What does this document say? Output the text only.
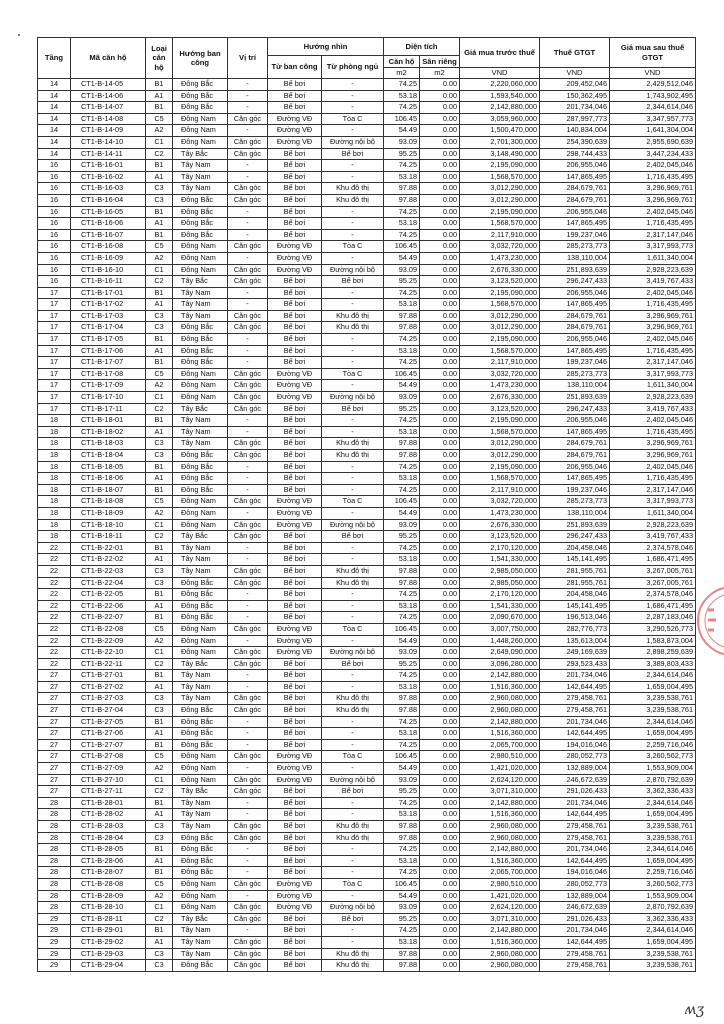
Tầng	Mã căn hộ	Loại căn hộ	Hướng ban công	Vị trí	Hướng nhìn		Diện tích		Giá mua trước thuế	Thuế GTGT	Giá mua sau thuế GTGT
					Từ ban công	Từ phòng ngủ	Căn hộ	Sân riêng			
							m2	m2	VND	VND	VND
14	CT1-B-14-05	B1	Đông Bắc	-	Bể bơi	-	74.25	0.00	2,220,060,000	209,452,046	2,429,512,046
14	CT1-B-14-06	A1	Đông Bắc	-	Bể bơi	-	53.18	0.00	1,593,540,000	150,362,495	1,743,902,495
14	CT1-B-14-07	B1	Đông Bắc	-	Bể bơi	-	74.25	0.00	2,142,880,000	201,734,046	2,344,614,046
14	CT1-B-14-08	C5	Đông Nam	Căn góc	Đường VĐ	Tòa C	106.45	0.00	3,059,960,000	287,997,773	3,347,957,773
14	CT1-B-14-09	A2	Đông Nam	-	Đường VĐ	-	54.49	0.00	1,500,470,000	140,834,004	1,641,304,004
14	CT1-B-14-10	C1	Đông Nam	Căn góc	Đường VĐ	Đường nội bộ	93.09	0.00	2,701,300,000	254,390,639	2,955,690,639
14	CT1-B-14-11	C2	Tây Bắc	Căn góc	Bể bơi	Bể bơi	95.25	0.00	3,148,490,000	298,744,433	3,447,234,433
16	CT1-B-16-01	B1	Tây Nam	-	Bể bơi	-	74.25	0.00	2,195,090,000	206,955,046	2,402,045,046
16	CT1-B-16-02	A1	Tây Nam	-	Bể bơi	-	53.18	0.00	1,568,570,000	147,865,495	1,716,435,495
16	CT1-B-16-03	C3	Tây Nam	Căn góc	Bể bơi	Khu đô thị	97.88	0.00	3,012,290,000	284,679,761	3,296,969,761
16	CT1-B-16-04	C3	Đông Bắc	Căn góc	Bể bơi	Khu đô thị	97.88	0.00	3,012,290,000	284,679,761	3,296,969,761
16	CT1-B-16-05	B1	Đông Bắc	-	Bể bơi	-	74.25	0.00	2,195,090,000	206,955,046	2,402,045,046
16	CT1-B-16-06	A1	Đông Bắc	-	Bể bơi	-	53.18	0.00	1,568,570,000	147,865,495	1,716,435,495
16	CT1-B-16-07	B1	Đông Bắc	-	Bể bơi	-	74.25	0.00	2,117,910,000	199,237,046	2,317,147,046
16	CT1-B-16-08	C5	Đông Nam	Căn góc	Đường VĐ	Tòa C	106.45	0.00	3,032,720,000	285,273,773	3,317,993,773
16	CT1-B-16-09	A2	Đông Nam	-	Đường VĐ	-	54.49	0.00	1,473,230,000	138,110,004	1,611,340,004
16	CT1-B-16-10	C1	Đông Nam	Căn góc	Đường VĐ	Đường nội bộ	93.09	0.00	2,676,330,000	251,893,639	2,928,223,639
16	CT1-B-16-11	C2	Tây Bắc	Căn góc	Bể bơi	Bể bơi	95.25	0.00	3,123,520,000	296,247,433	3,419,767,433
17	CT1-B-17-01	B1	Tây Nam	-	Bể bơi	-	74.25	0.00	2,195,090,000	206,955,046	2,402,045,046
17	CT1-B-17-02	A1	Tây Nam	-	Bể bơi	-	53.18	0.00	1,568,570,000	147,865,495	1,716,435,495
17	CT1-B-17-03	C3	Tây Nam	Căn góc	Bể bơi	Khu đô thị	97.88	0.00	3,012,290,000	284,679,761	3,296,969,761
17	CT1-B-17-04	C3	Đông Bắc	Căn góc	Bể bơi	Khu đô thị	97.88	0.00	3,012,290,000	284,679,761	3,296,969,761
17	CT1-B-17-05	B1	Đông Bắc	-	Bể bơi	-	74.25	0.00	2,195,090,000	206,955,046	2,402,045,046
17	CT1-B-17-06	A1	Đông Bắc	-	Bể bơi	-	53.18	0.00	1,568,570,000	147,865,495	1,716,435,495
17	CT1-B-17-07	B1	Đông Bắc	-	Bể bơi	-	74.25	0.00	2,117,910,000	199,237,046	2,317,147,046
17	CT1-B-17-08	C5	Đông Nam	Căn góc	Đường VĐ	Tòa C	106.45	0.00	3,032,720,000	285,273,773	3,317,993,773
17	CT1-B-17-09	A2	Đông Nam	Căn góc	Đường VĐ	-	54.49	0.00	1,473,230,000	138,110,004	1,611,340,004
17	CT1-B-17-10	C1	Đông Nam	Căn góc	Đường VĐ	Đường nội bộ	93.09	0.00	2,676,330,000	251,893,639	2,928,223,639
17	CT1-B-17-11	C2	Tây Bắc	Căn góc	Bể bơi	Bể bơi	95.25	0.00	3,123,520,000	296,247,433	3,419,767,433
18	CT1-B-18-01	B1	Tây Nam	-	Bể bơi	-	74.25	0.00	2,195,090,000	206,955,046	2,402,045,046
18	CT1-B-18-02	A1	Tây Nam	-	Bể bơi	-	53.18	0.00	1,568,570,000	147,865,495	1,716,435,495
18	CT1-B-18-03	C3	Tây Nam	Căn góc	Bể bơi	Khu đô thị	97.88	0.00	3,012,290,000	284,679,761	3,296,969,761
18	CT1-B-18-04	C3	Đông Bắc	Căn góc	Bể bơi	Khu đô thị	97.88	0.00	3,012,290,000	284,679,761	3,296,969,761
18	CT1-B-18-05	B1	Đông Bắc	-	Bể bơi	-	74.25	0.00	2,195,090,000	206,955,046	2,402,045,046
18	CT1-B-18-06	A1	Đông Bắc	-	Bể bơi	-	53.18	0.00	1,568,570,000	147,865,495	1,716,435,495
18	CT1-B-18-07	B1	Đông Bắc	-	Bể bơi	-	74.25	0.00	2,117,910,000	199,237,046	2,317,147,046
18	CT1-B-18-08	C5	Đông Nam	Căn góc	Đường VĐ	Tòa C	106.45	0.00	3,032,720,000	285,273,773	3,317,993,773
18	CT1-B-18-09	A2	Đông Nam	-	Đường VĐ	-	54.49	0.00	1,473,230,000	138,110,004	1,611,340,004
18	CT1-B-18-10	C1	Đông Nam	Căn góc	Đường VĐ	Đường nội bộ	93.09	0.00	2,676,330,000	251,893,639	2,928,223,639
18	CT1-B-18-11	C2	Tây Bắc	Căn góc	Bể bơi	Bể bơi	95.25	0.00	3,123,520,000	296,247,433	3,419,767,433
22	CT1-B-22-01	B1	Tây Nam	-	Bể bơi	-	74.25	0.00	2,170,120,000	204,458,046	2,374,578,046
22	CT1-B-22-02	A1	Tây Nam	-	Bể bơi	-	53.18	0.00	1,541,330,000	145,141,495	1,686,471,495
22	CT1-B-22-03	C3	Tây Nam	Căn góc	Bể bơi	Khu đô thị	97.88	0.00	2,985,050,000	281,955,761	3,267,005,761
22	CT1-B-22-04	C3	Đông Bắc	Căn góc	Bể bơi	Khu đô thị	97.88	0.00	2,985,050,000	281,955,761	3,267,005,761
22	CT1-B-22-05	B1	Đông Bắc	-	Bể bơi	-	74.25	0.00	2,170,120,000	204,458,046	2,374,578,046
22	CT1-B-22-06	A1	Đông Bắc	-	Bể bơi	-	53.18	0.00	1,541,330,000	145,141,495	1,686,471,495
22	CT1-B-22-07	B1	Đông Bắc	-	Bể bơi	-	74.25	0.00	2,090,670,000	196,513,046	2,287,183,046
22	CT1-B-22-08	C5	Đông Nam	Căn góc	Đường VĐ	Tòa C	106.45	0.00	3,007,750,000	282,776,773	3,290,526,773
22	CT1-B-22-09	A2	Đông Nam	-	Đường VĐ	-	54.49	0.00	1,448,260,000	135,613,004	1,583,873,004
22	CT1-B-22-10	C1	Đông Nam	Căn góc	Đường VĐ	Đường nội bộ	93.09	0.00	2,649,090,000	249,169,639	2,898,259,639
22	CT1-B-22-11	C2	Tây Bắc	Căn góc	Bể bơi	Bể bơi	95.25	0.00	3,096,280,000	293,523,433	3,389,803,433
27	CT1-B-27-01	B1	Tây Nam	-	Bể bơi	-	74.25	0.00	2,142,880,000	201,734,046	2,344,614,046
27	CT1-B-27-02	A1	Tây Nam	-	Bể bơi	-	53.18	0.00	1,516,360,000	142,644,495	1,659,004,495
27	CT1-B-27-03	C3	Tây Nam	Căn góc	Bể bơi	Khu đô thị	97.88	0.00	2,960,080,000	279,458,761	3,239,538,761
27	CT1-B-27-04	C3	Đông Bắc	Căn góc	Bể bơi	Khu đô thị	97.88	0.00	2,960,080,000	279,458,761	3,239,538,761
27	CT1-B-27-05	B1	Đông Bắc	-	Bể bơi	-	74.25	0.00	2,142,880,000	201,734,046	2,344,614,046
27	CT1-B-27-06	A1	Đông Bắc	-	Bể bơi	-	53.18	0.00	1,516,360,000	142,644,495	1,659,004,495
27	CT1-B-27-07	B1	Đông Bắc	-	Bể bơi	-	74.25	0.00	2,065,700,000	194,016,046	2,259,716,046
27	CT1-B-27-08	C5	Đông Nam	Căn góc	Đường VĐ	Tòa C	106.45	0.00	2,980,510,000	280,052,773	3,260,562,773
27	CT1-B-27-09	A2	Đông Nam	-	Đường VĐ	-	54.49	0.00	1,421,020,000	132,889,004	1,553,909,004
27	CT1-B-27-10	C1	Đông Nam	Căn góc	Đường VĐ	Đường nội bộ	93.09	0.00	2,624,120,000	246,672,639	2,870,792,639
27	CT1-B-27-11	C2	Tây Bắc	Căn góc	Bể bơi	Bể bơi	95.25	0.00	3,071,310,000	291,026,433	3,362,336,433
28	CT1-B-28-01	B1	Tây Nam	-	Bể bơi	-	74.25	0.00	2,142,880,000	201,734,046	2,344,614,046
28	CT1-B-28-02	A1	Tây Nam	-	Bể bơi	-	53.18	0.00	1,516,360,000	142,644,495	1,659,004,495
28	CT1-B-28-03	C3	Tây Nam	Căn góc	Bể bơi	Khu đô thị	97.88	0.00	2,960,080,000	279,458,761	3,239,538,761
28	CT1-B-28-04	C3	Đông Bắc	Căn góc	Bể bơi	Khu đô thị	97.88	0.00	2,960,080,000	279,458,761	3,239,538,761
28	CT1-B-28-05	B1	Đông Bắc	-	Bể bơi	-	74.25	0.00	2,142,880,000	201,734,046	2,344,614,046
28	CT1-B-28-06	A1	Đông Bắc	-	Bể bơi	-	53.18	0.00	1,516,360,000	142,644,495	1,659,004,495
28	CT1-B-28-07	B1	Đông Bắc	-	Bể bơi	-	74.25	0.00	2,065,700,000	194,016,046	2,259,716,046
28	CT1-B-28-08	C5	Đông Nam	Căn góc	Đường VĐ	Tòa C	106.45	0.00	2,980,510,000	280,052,773	3,260,562,773
28	CT1-B-28-09	A2	Đông Nam	-	Đường VĐ	-	54.49	0.00	1,421,020,000	132,889,004	1,553,909,004
28	CT1-B-28-10	C1	Đông Nam	Căn góc	Đường VĐ	Đường nội bộ	93.09	0.00	2,624,120,000	246,672,639	2,870,792,639
29	CT1-B-28-11	C2	Tây Bắc	Căn góc	Bể bơi	Bể bơi	95.25	0.00	3,071,310,000	291,026,433	3,362,336,433
29	CT1-B-29-01	B1	Tây Nam	-	Bể bơi	-	74.25	0.00	2,142,880,000	201,734,046	2,344,614,046
29	CT1-B-29-02	A1	Tây Nam	Căn góc	Bể bơi	-	53.18	0.00	1,516,360,000	142,644,495	1,659,004,495
29	CT1-B-29-03	C3	Tây Nam	Căn góc	Bể bơi	Khu đô thị	97.88	0.00	2,960,080,000	279,458,761	3,239,538,761
29	CT1-B-29-04	C3	Đông Bắc	Căn góc	Bể bơi	Khu đô thị	97.88	0.00	2,960,080,000	279,458,761	3,239,538,761
ʍʒ
